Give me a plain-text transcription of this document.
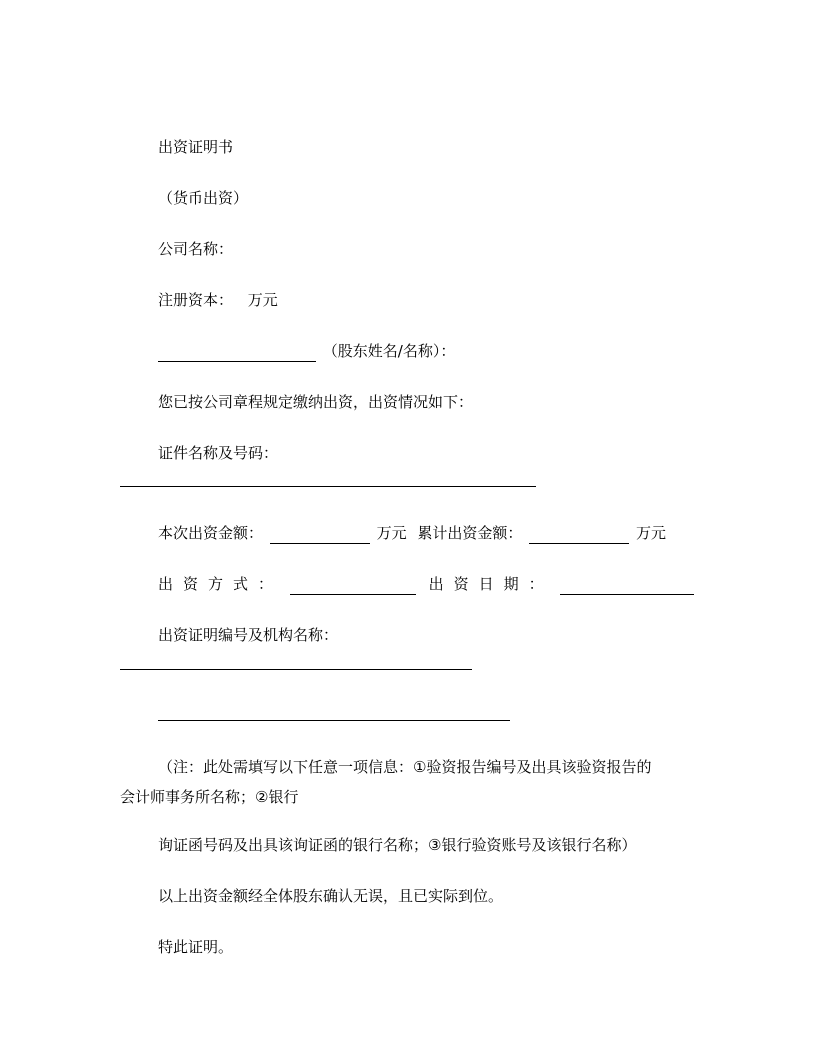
出资证明书
（货币出资）
公司名称：
注册资本： 万元
（股东姓名/名称）：
您已按公司章程规定缴纳出资，出资情况如下：
证件名称及号码：
本次出资金额：	万元 累计出资金额：	万元
出资方式：	出资日期：
出资证明编号及机构名称：
（注：此处需填写以下任意一项信息：①验资报告编号及出具该验资报告的
会计师事务所名称；②银行
询证函号码及出具该询证函的银行名称；③银行验资账号及该银行名称）
以上出资金额经全体股东确认无误，且已实际到位。
特此证明。
